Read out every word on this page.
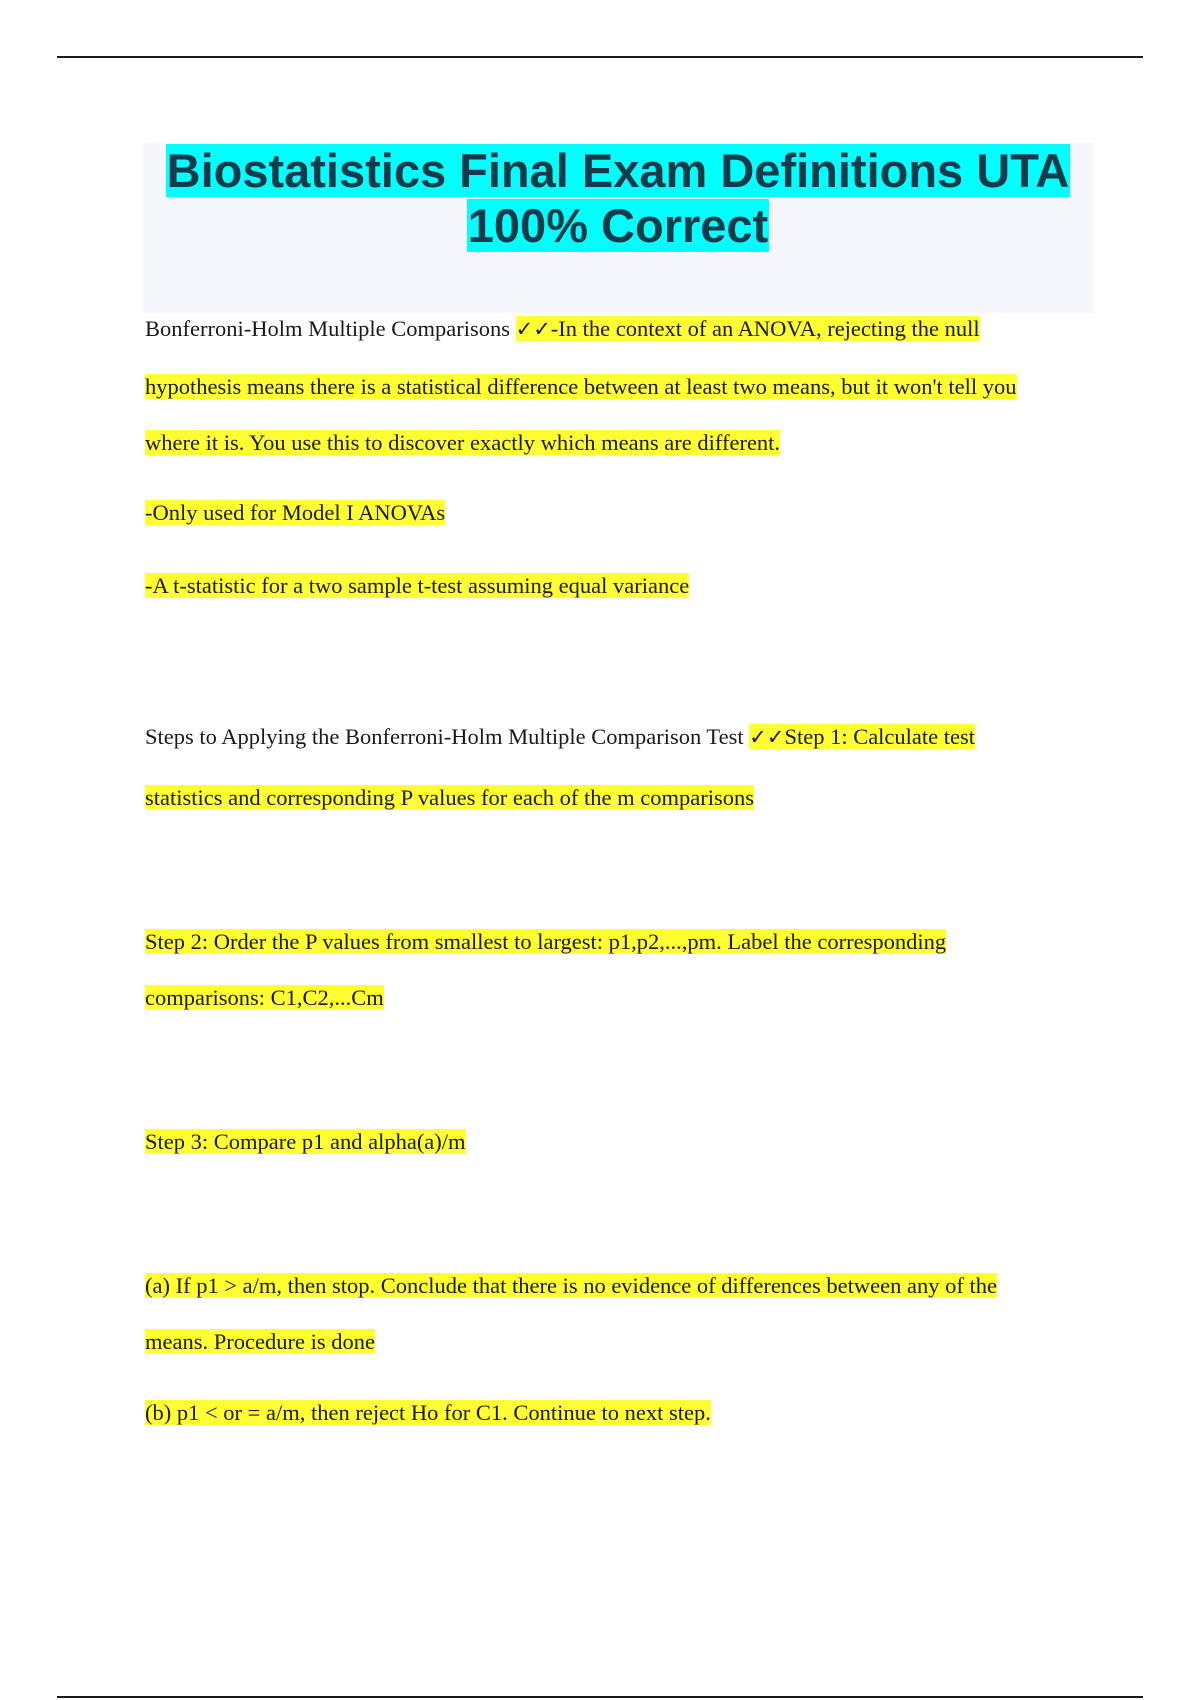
Biostatistics Final Exam Definitions UTA
100% Correct

Bonferroni-Holm Multiple Comparisons ✓✓-In the context of an ANOVA, rejecting the null

hypothesis means there is a statistical difference between at least two means, but it won't tell you

where it is. You use this to discover exactly which means are different.

-Only used for Model I ANOVAs

-A t-statistic for a two sample t-test assuming equal variance

Steps to Applying the Bonferroni-Holm Multiple Comparison Test ✓✓Step 1: Calculate test

statistics and corresponding P values for each of the m comparisons

Step 2: Order the P values from smallest to largest: p1,p2,...,pm. Label the corresponding

comparisons: C1,C2,...Cm

Step 3: Compare p1 and alpha(a)/m

(a) If p1 > a/m, then stop. Conclude that there is no evidence of differences between any of the

means. Procedure is done

(b) p1 < or = a/m, then reject Ho for C1. Continue to next step.
